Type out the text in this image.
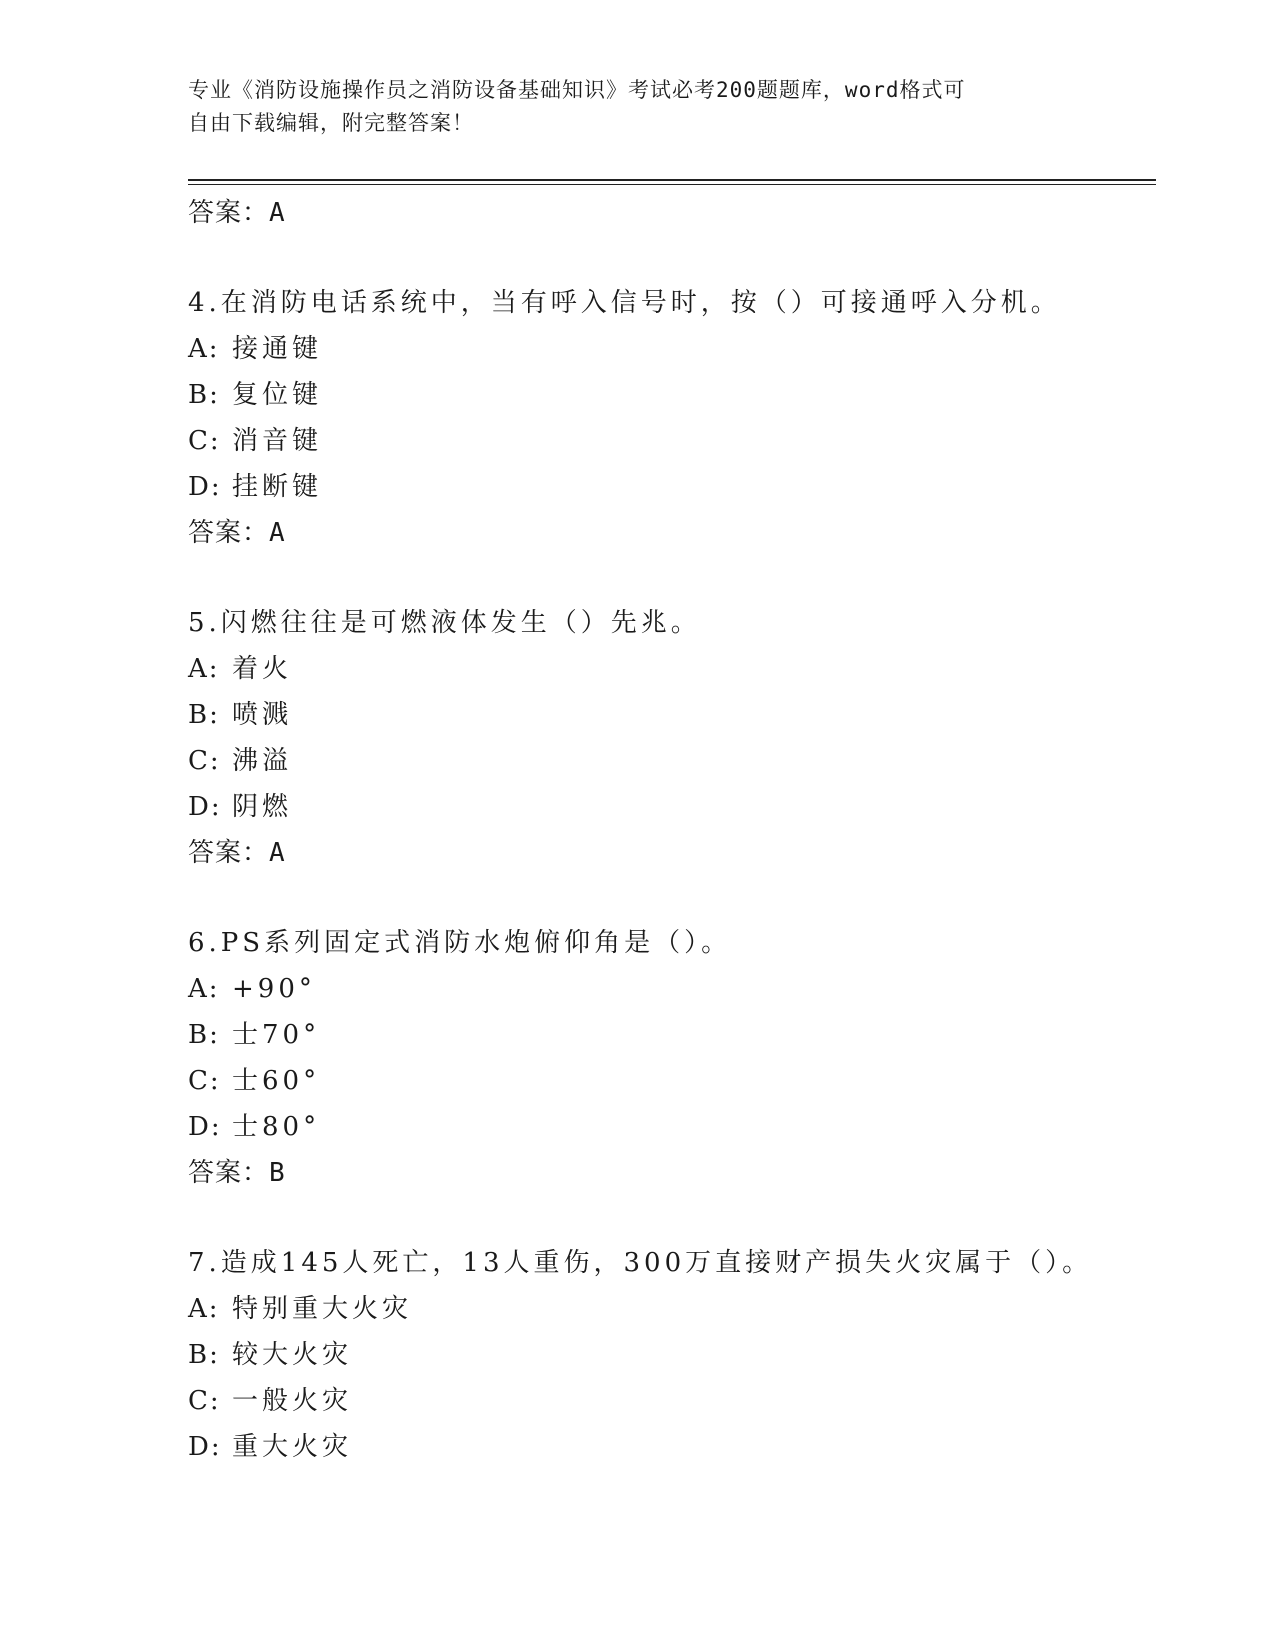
专业《消防设施操作员之消防设备基础知识》考试必考200题题库，word格式可
自由下载编辑，附完整答案！
答案：A
4.在消防电话系统中，当有呼入信号时，按（）可接通呼入分机。
A: 接通键
B: 复位键
C: 消音键
D: 挂断键
答案：A
5.闪燃往往是可燃液体发生（）先兆。
A: 着火
B: 喷溅
C: 沸溢
D: 阴燃
答案：A
6.PS系列固定式消防水炮俯仰角是（）。
A: +90°
B: 士70°
C: 士60°
D: 士80°
答案：B
7.造成145人死亡，13人重伤，300万直接财产损失火灾属于（）。
A: 特别重大火灾
B: 较大火灾
C: 一般火灾
D: 重大火灾
